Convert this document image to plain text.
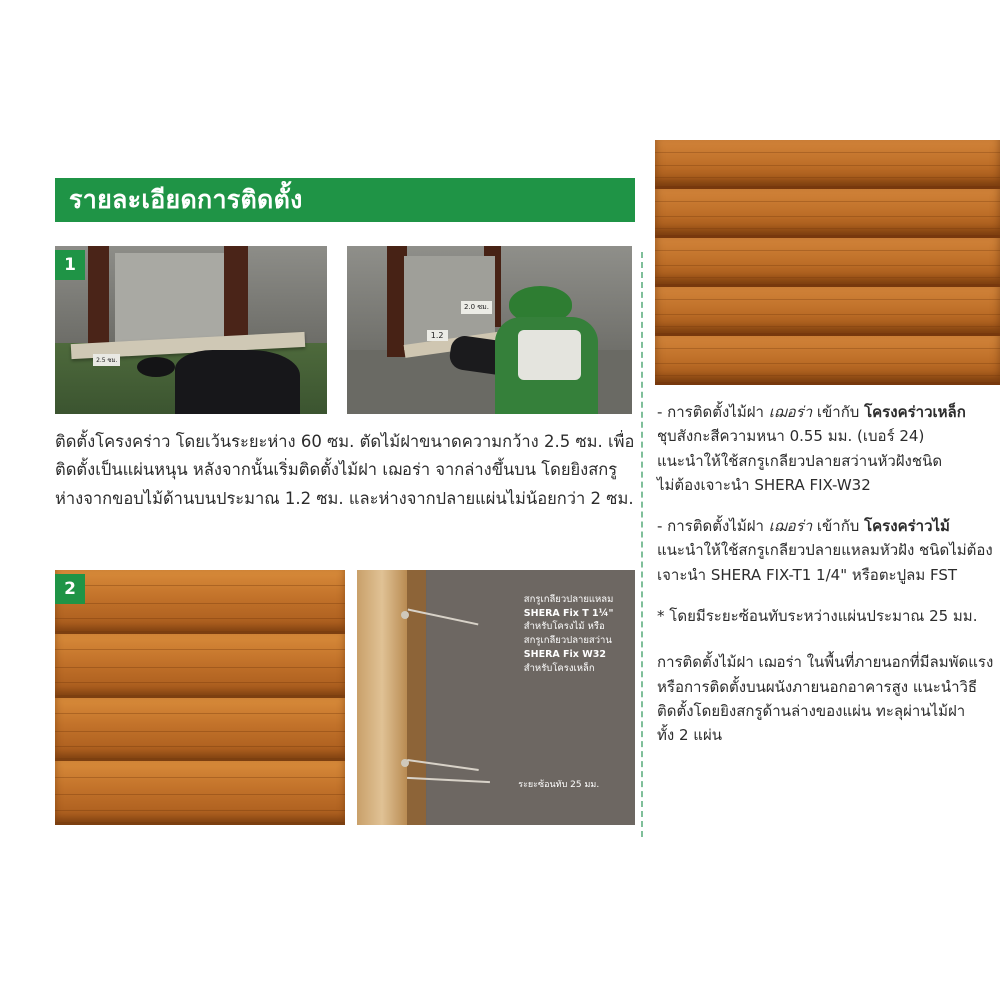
รายละเอียดการติดตั้ง
1
2.5 ซม.
2.0 ซม.
1.2
ติดตั้งโครงคร่าว โดยเว้นระยะห่าง 60 ซม. ตัดไม้ฝาขนาดความกว้าง 2.5 ซม. เพื่อติดตั้งเป็นแผ่นหนุน หลังจากนั้นเริ่มติดตั้งไม้ฝา เฌอร่า จากล่างขึ้นบน โดยยิงสกรูห่างจากขอบไม้ด้านบนประมาณ 1.2 ซม. และห่างจากปลายแผ่นไม่น้อยกว่า 2 ซม.
2
สกรูเกลียวปลายแหลม
SHERA Fix T 1¼"
สำหรับโครงไม้ หรือ
สกรูเกลียวปลายสว่าน
SHERA Fix W32
สำหรับโครงเหล็ก
ระยะซ้อนทับ 25 มม.
- การติดตั้งไม้ฝา เฌอร่า เข้ากับ โครงคร่าวเหล็ก

ชุบสังกะสีความหนา 0.55 มม. (เบอร์ 24)
แนะนำให้ใช้สกรูเกลียวปลายสว่านหัวฝังชนิด
ไม่ต้องเจาะนำ SHERA FIX-W32
- การติดตั้งไม้ฝา เฌอร่า เข้ากับ โครงคร่าวไม้

แนะนำให้ใช้สกรูเกลียวปลายแหลมหัวฝัง ชนิดไม่ต้อง
เจาะนำ SHERA FIX-T1 1/4" หรือตะปูลม FST
* โดยมีระยะซ้อนทับระหว่างแผ่นประมาณ 25 มม.
การติดตั้งไม้ฝา เฌอร่า ในพื้นที่ภายนอกที่มีลมพัดแรง
หรือการติดตั้งบนผนังภายนอกอาคารสูง แนะนำวิธี
ติดตั้งโดยยิงสกรูด้านล่างของแผ่น ทะลุผ่านไม้ฝา
ทั้ง 2 แผ่น
